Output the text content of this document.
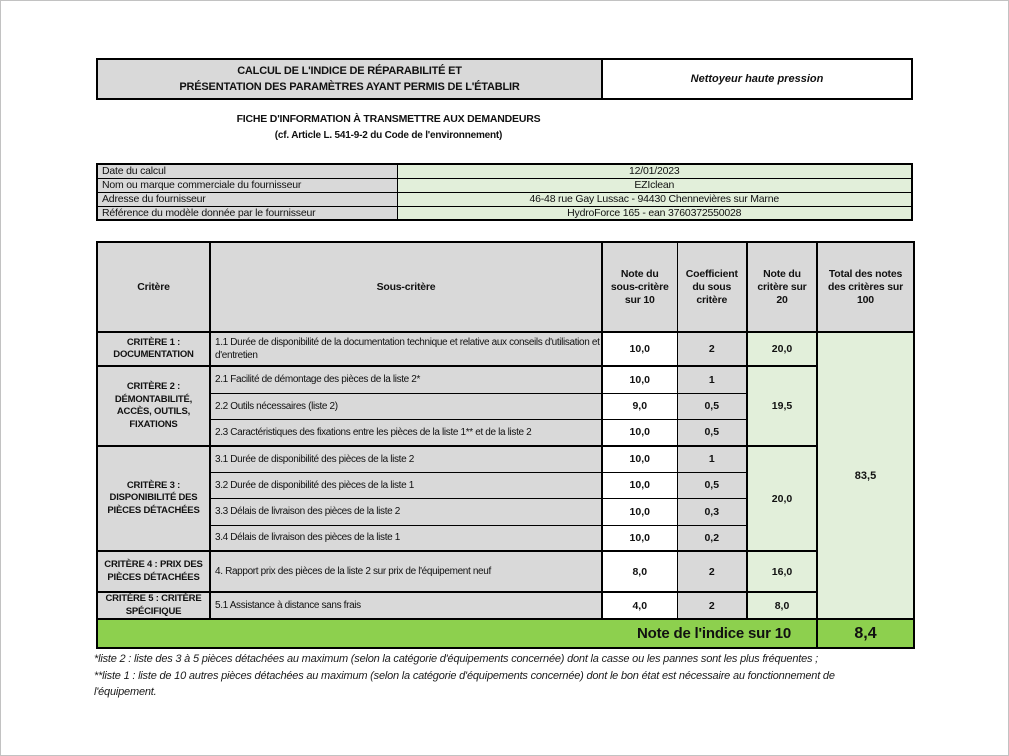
CALCUL DE L'INDICE DE RÉPARABILITÉ ET
PRÉSENTATION DES PARAMÈTRES AYANT PERMIS DE L'ÉTABLIR
Nettoyeur haute pression
FICHE D'INFORMATION À TRANSMETTRE AUX DEMANDEURS
(cf. Article L. 541-9-2 du Code de l'environnement)
Date du calcul	12/01/2023
Nom ou marque commerciale du fournisseur	EZIclean
Adresse du fournisseur	46-48 rue Gay Lussac - 94430 Chennevières sur Marne
Référence du modèle donnée par le fournisseur	HydroForce 165 - ean 3760372550028
Critère	Sous-critère	Note du sous-critère sur 10	Coefficient du sous critère	Note du critère sur 20	Total des notes des critères sur 100
CRITÈRE 1 : DOCUMENTATION	1.1 Durée de disponibilité de la documentation technique et relative aux conseils d'utilisation et d'entretien	10,0	2	20,0	83,5
CRITÈRE 2 : DÉMONTABILITÉ, ACCÈS, OUTILS, FIXATIONS	2.1 Facilité de démontage des pièces de la liste 2*	10,0	1	19,5	
	2.2 Outils nécessaires (liste 2)	9,0	0,5		
	2.3 Caractéristiques des fixations entre les pièces de la liste 1** et de la liste 2	10,0	0,5		
CRITÈRE 3 : DISPONIBILITÉ DES PIÈCES DÉTACHÉES	3.1 Durée de disponibilité des pièces de la liste 2	10,0	1	20,0	
	3.2 Durée de disponibilité des pièces de la liste 1	10,0	0,5		
	3.3 Délais de livraison des pièces de la liste 2	10,0	0,3		
	3.4 Délais de livraison des pièces de la liste 1	10,0	0,2		
CRITÈRE 4 : PRIX DES PIÈCES DÉTACHÉES	4. Rapport prix des pièces de la liste 2 sur prix de l'équipement neuf	8,0	2	16,0	
CRITÈRE 5 : CRITÈRE SPÉCIFIQUE	5.1 Assistance à distance sans frais	4,0	2	8,0	
Note de l'indice sur 10					8,4
*liste 2 : liste des 3 à 5 pièces détachées au maximum (selon la catégorie d'équipements concernée) dont la casse ou les pannes sont les plus fréquentes ;
**liste 1 : liste de 10 autres pièces détachées au maximum (selon la catégorie d'équipements concernée) dont le bon état est nécessaire au fonctionnement de
l'équipement.
